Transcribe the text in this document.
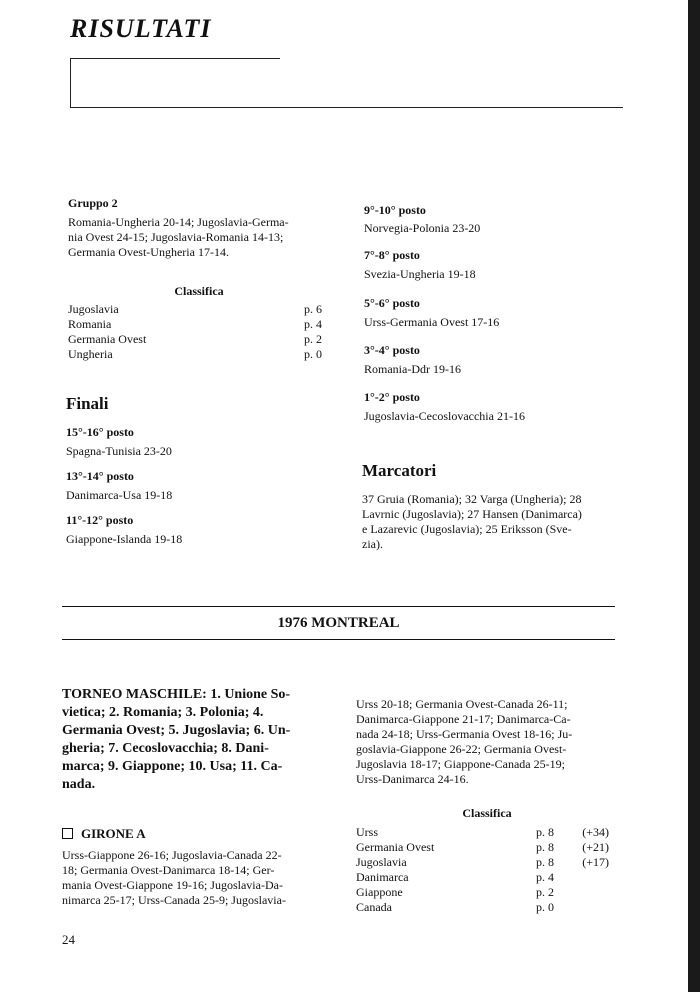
RISULTATI
Gruppo 2
Romania-Ungheria 20-14; Jugoslavia-Germa-
nia Ovest 24-15; Jugoslavia-Romania 14-13;
Germania Ovest-Ungheria 17-14.
Classifica
Jugoslavia	p. 6
Romania	p. 4
Germania Ovest	p. 2
Ungheria	p. 0
Finali
15°-16° posto
Spagna-Tunisia 23-20
13°-14° posto
Danimarca-Usa 19-18
11°-12° posto
Giappone-Islanda 19-18
9°-10° posto
Norvegia-Polonia 23-20
7°-8° posto
Svezia-Ungheria 19-18
5°-6° posto
Urss-Germania Ovest 17-16
3°-4° posto
Romania-Ddr 19-16
1°-2° posto
Jugoslavia-Cecoslovacchia 21-16
Marcatori
37 Gruia (Romania); 32 Varga (Ungheria); 28
Lavrnic (Jugoslavia); 27 Hansen (Danimarca)
e Lazarevic (Jugoslavia); 25 Eriksson (Sve-
zia).
1976 MONTREAL
TORNEO MASCHILE: 1. Unione So-
vietica; 2. Romania; 3. Polonia; 4.
Germania Ovest; 5. Jugoslavia; 6. Un-
gheria; 7. Cecoslovacchia; 8. Dani-
marca; 9. Giappone; 10. Usa; 11. Ca-
nada.
GIRONE A
Urss-Giappone 26-16; Jugoslavia-Canada 22-
18; Germania Ovest-Danimarca 18-14; Ger-
mania Ovest-Giappone 19-16; Jugoslavia-Da-
nimarca 25-17; Urss-Canada 25-9; Jugoslavia-
Urss 20-18; Germania Ovest-Canada 26-11;
Danimarca-Giappone 21-17; Danimarca-Ca-
nada 24-18; Urss-Germania Ovest 18-16; Ju-
goslavia-Giappone 26-22; Germania Ovest-
Jugoslavia 18-17; Giappone-Canada 25-19;
Urss-Danimarca 24-16.
Classifica
Urss	p. 8	(+34)
Germania Ovest	p. 8	(+21)
Jugoslavia	p. 8	(+17)
Danimarca	p. 4
Giappone	p. 2
Canada	p. 0
24
